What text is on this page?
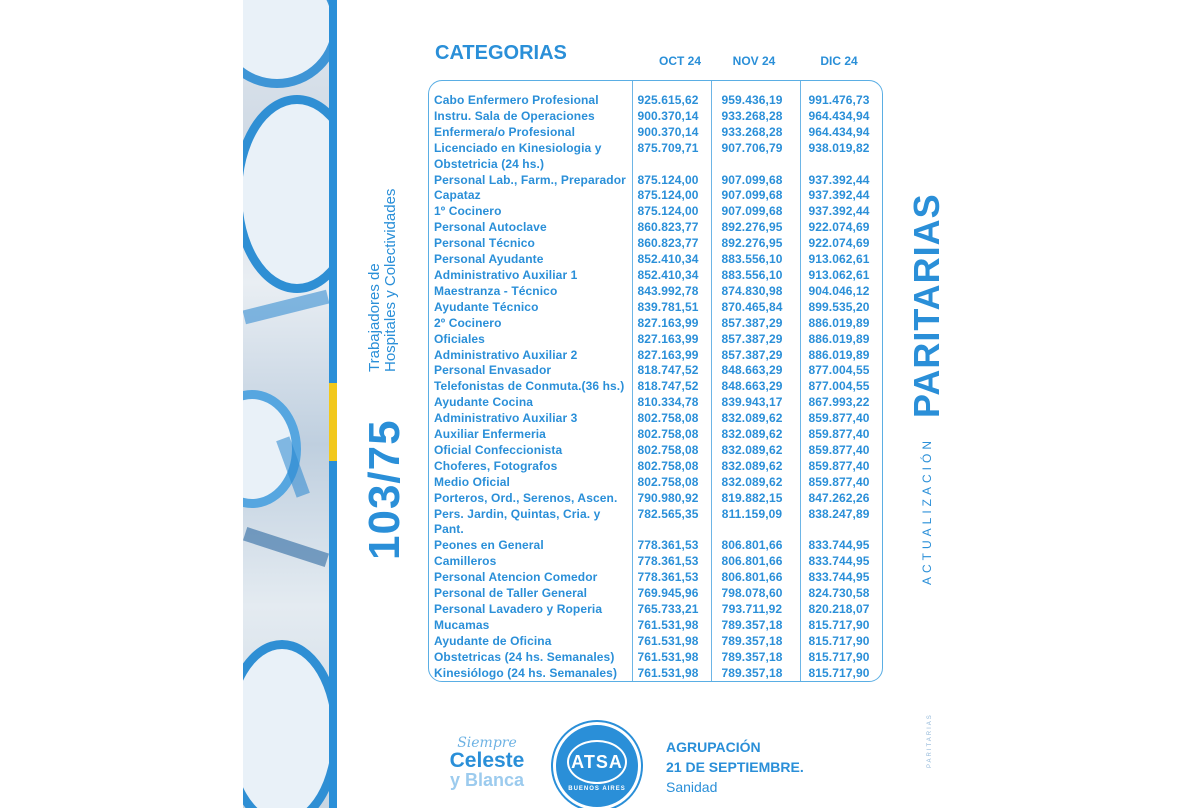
103/75
Trabajadores de Hospitales y Colectividades	PARITARIAS
ACTUALIZACIÓN
PARITARIAS
CATEGORIAS	OCT 24	NOV 24	DIC 24
Cabo Enfermero Profesional	925.615,62	959.436,19	991.476,73
Instru. Sala de Operaciones	900.370,14	933.268,28	964.434,94
Enfermera/o Profesional	900.370,14	933.268,28	964.434,94
Licenciado en Kinesiologia y Obstetricia (24 hs.)
875.709,71	907.706,79	938.019,82
Personal Lab., Farm., Preparador 875.124,00	907.099,68	937.392,44
Capataz	875.124,00	907.099,68	937.392,44
1º Cocinero	875.124,00	907.099,68	937.392,44
Personal Autoclave	860.823,77	892.276,95	922.074,69
Personal Técnico	860.823,77	892.276,95	922.074,69
Personal Ayudante	852.410,34	883.556,10	913.062,61
Administrativo Auxiliar 1	852.410,34	883.556,10	913.062,61
Maestranza - Técnico	843.992,78	874.830,98	904.046,12
Ayudante Técnico	839.781,51	870.465,84	899.535,20
2º Cocinero	827.163,99	857.387,29	886.019,89
Oficiales	827.163,99	857.387,29	886.019,89
Administrativo Auxiliar 2	827.163,99	857.387,29	886.019,89
Personal Envasador	818.747,52	848.663,29	877.004,55
Telefonistas de Conmuta.(36 hs.)	818.747,52	848.663,29	877.004,55
Ayudante Cocina	810.334,78	839.943,17	867.993,22
Administrativo Auxiliar 3	802.758,08	832.089,62	859.877,40
Auxiliar Enfermeria	802.758,08	832.089,62	859.877,40
Oficial Confeccionista	802.758,08	832.089,62	859.877,40
Choferes, Fotografos	802.758,08	832.089,62	859.877,40
Medio Oficial	802.758,08	832.089,62	859.877,40
Porteros, Ord., Serenos, Ascen.	790.980,92	819.882,15	847.262,26
Pers. Jardin, Quintas, Cria. y Pant.
782.565,35	811.159,09	838.247,89
Peones en General	778.361,53	806.801,66	833.744,95
Camilleros	778.361,53	806.801,66	833.744,95
Personal Atencion Comedor	778.361,53	806.801,66	833.744,95
Personal de Taller General	769.945,96	798.078,60	824.730,58
Personal Lavadero y Roperia	765.733,21	793.711,92	820.218,07
Mucamas	761.531,98	789.357,18	815.717,90
Ayudante de Oficina	761.531,98	789.357,18	815.717,90
Obstetricas (24 hs. Semanales)	761.531,98	789.357,18	815.717,90
Kinesiólogo (24 hs. Semanales)	761.531,98	789.357,18	815.717,90
Siempre
Celeste
y Blanca
ATSA
BUENOS AIRES
AGRUPACIÓN
21 DE SEPTIEMBRE.
Sanidad
